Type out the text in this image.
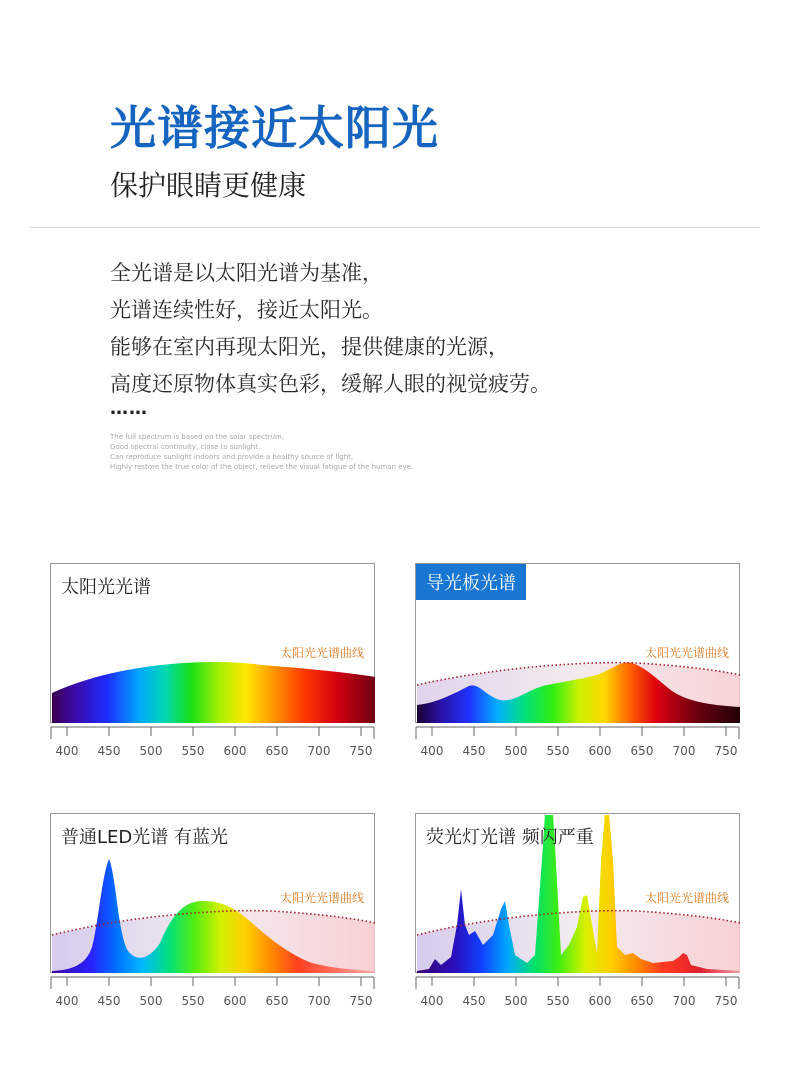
光谱接近太阳光
保护眼睛更健康
全光谱是以太阳光谱为基准，
光谱连续性好，接近太阳光。
能够在室内再现太阳光，提供健康的光源，
高度还原物体真实色彩，缓解人眼的视觉疲劳。
……
The full spectrum is based on the solar spectrum,
Good spectral continuity, close to sunlight.
Can reproduce sunlight indoors and provide a healthy source of light,
Highly restore the true color of the object, relieve the visual fatigue of the human eye.
太阳光光谱
太阳光光谱曲线
400 450 500 550 600 650 700 750
导光板光谱
太阳光光谱曲线
400 450 500 550 600 650 700 750
普通LED光谱 有蓝光
太阳光光谱曲线
400 450 500 550 600 650 700 750
荧光灯光谱 频闪严重
太阳光光谱曲线
400 450 500 550 600 650 700 750
